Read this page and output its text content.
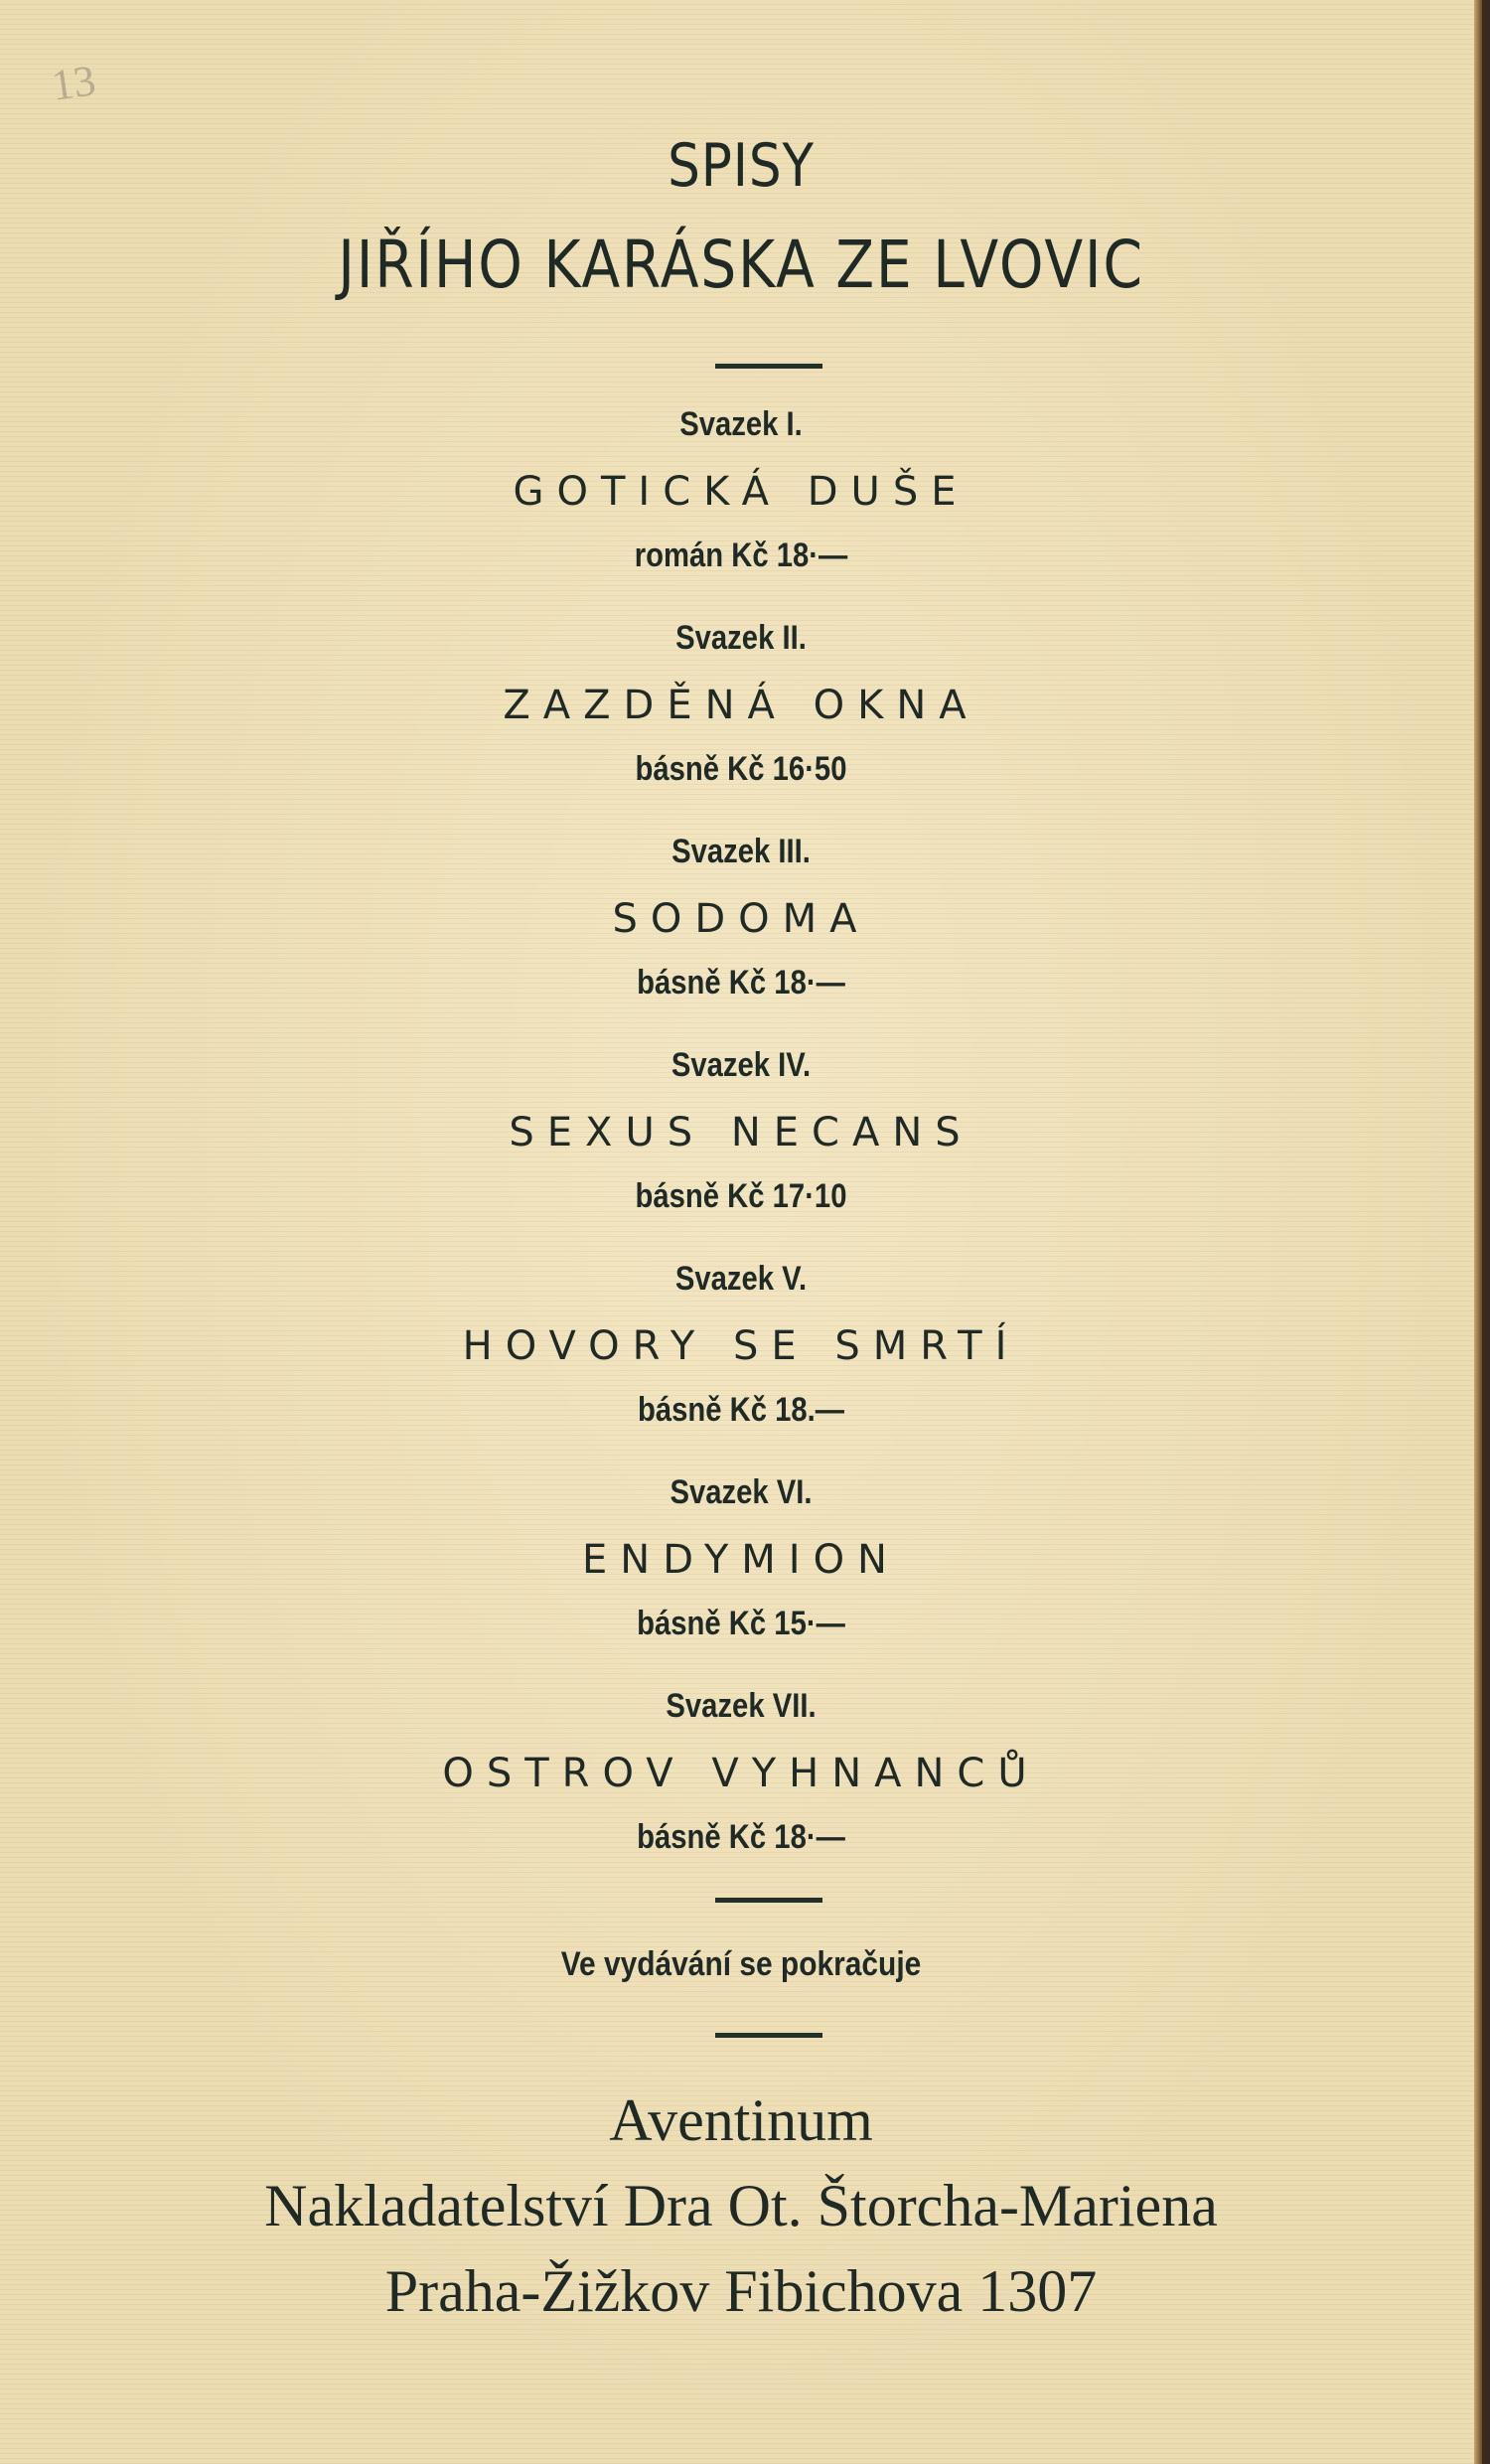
13
SPISY
JIŘÍHO KARÁSKA ZE LVOVIC
Svazek I.
GOTICKÁ DUŠE
román Kč 18·—
Svazek II.
ZAZDĚNÁ OKNA
básně Kč 16·50
Svazek III.
SODOMA
básně Kč 18·—
Svazek IV.
SEXUS NECANS
básně Kč 17·10
Svazek V.
HOVORY SE SMRTÍ
básně Kč 18.—
Svazek VI.
ENDYMION
básně Kč 15·—
Svazek VII.
OSTROV VYHNANCŮ
básně Kč 18·—
Ve vydávání se pokračuje
Aventinum
Nakladatelství Dra Ot. Štorcha-Mariena
Praha-Žižkov Fibichova 1307
